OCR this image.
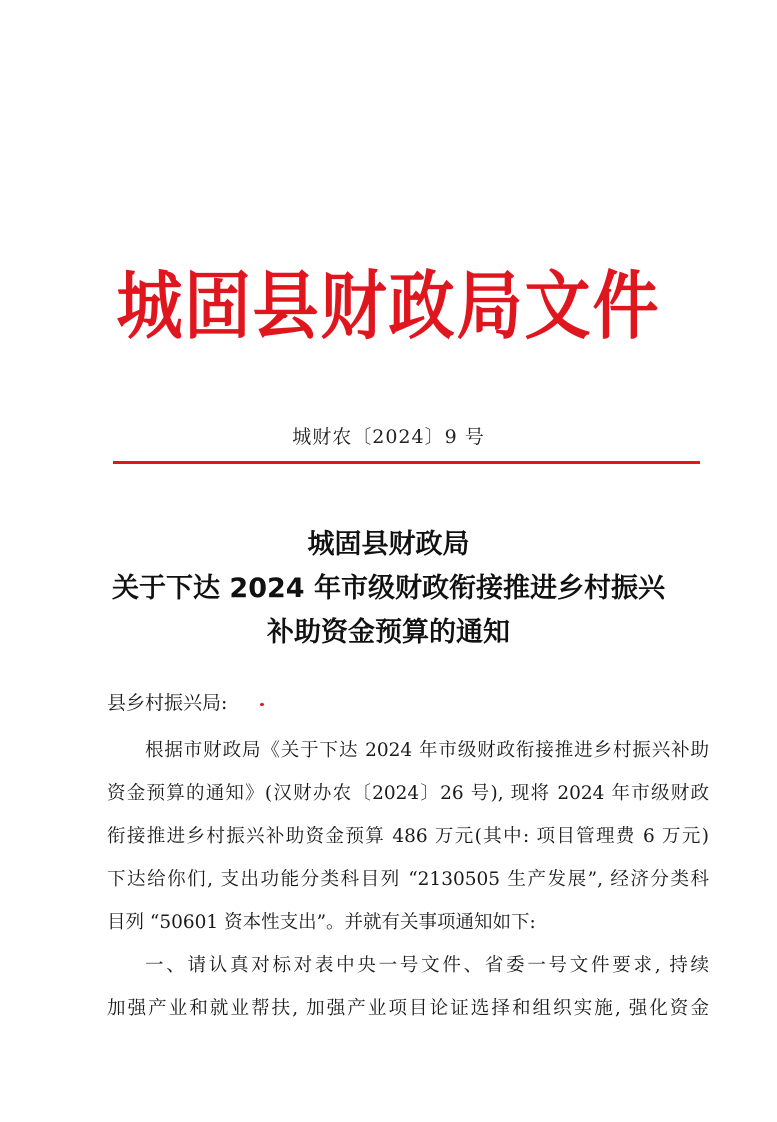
城固县财政局文件
城财农〔2024〕9 号
城固县财政局
关于下达 2024 年市级财政衔接推进乡村振兴
补助资金预算的通知
县乡村振兴局:
根据市财政局《关于下达 2024 年市级财政衔接推进乡村振兴补助
资金预算的通知》(汉财办农〔2024〕26 号), 现将 2024 年市级财政
衔接推进乡村振兴补助资金预算 486 万元(其中: 项目管理费 6 万元)
下达给你们, 支出功能分类科目列 “2130505 生产发展”, 经济分类科
目列 “50601 资本性支出”。并就有关事项通知如下:
一、请认真对标对表中央一号文件、省委一号文件要求, 持续
加强产业和就业帮扶, 加强产业项目论证选择和组织实施, 强化资金
